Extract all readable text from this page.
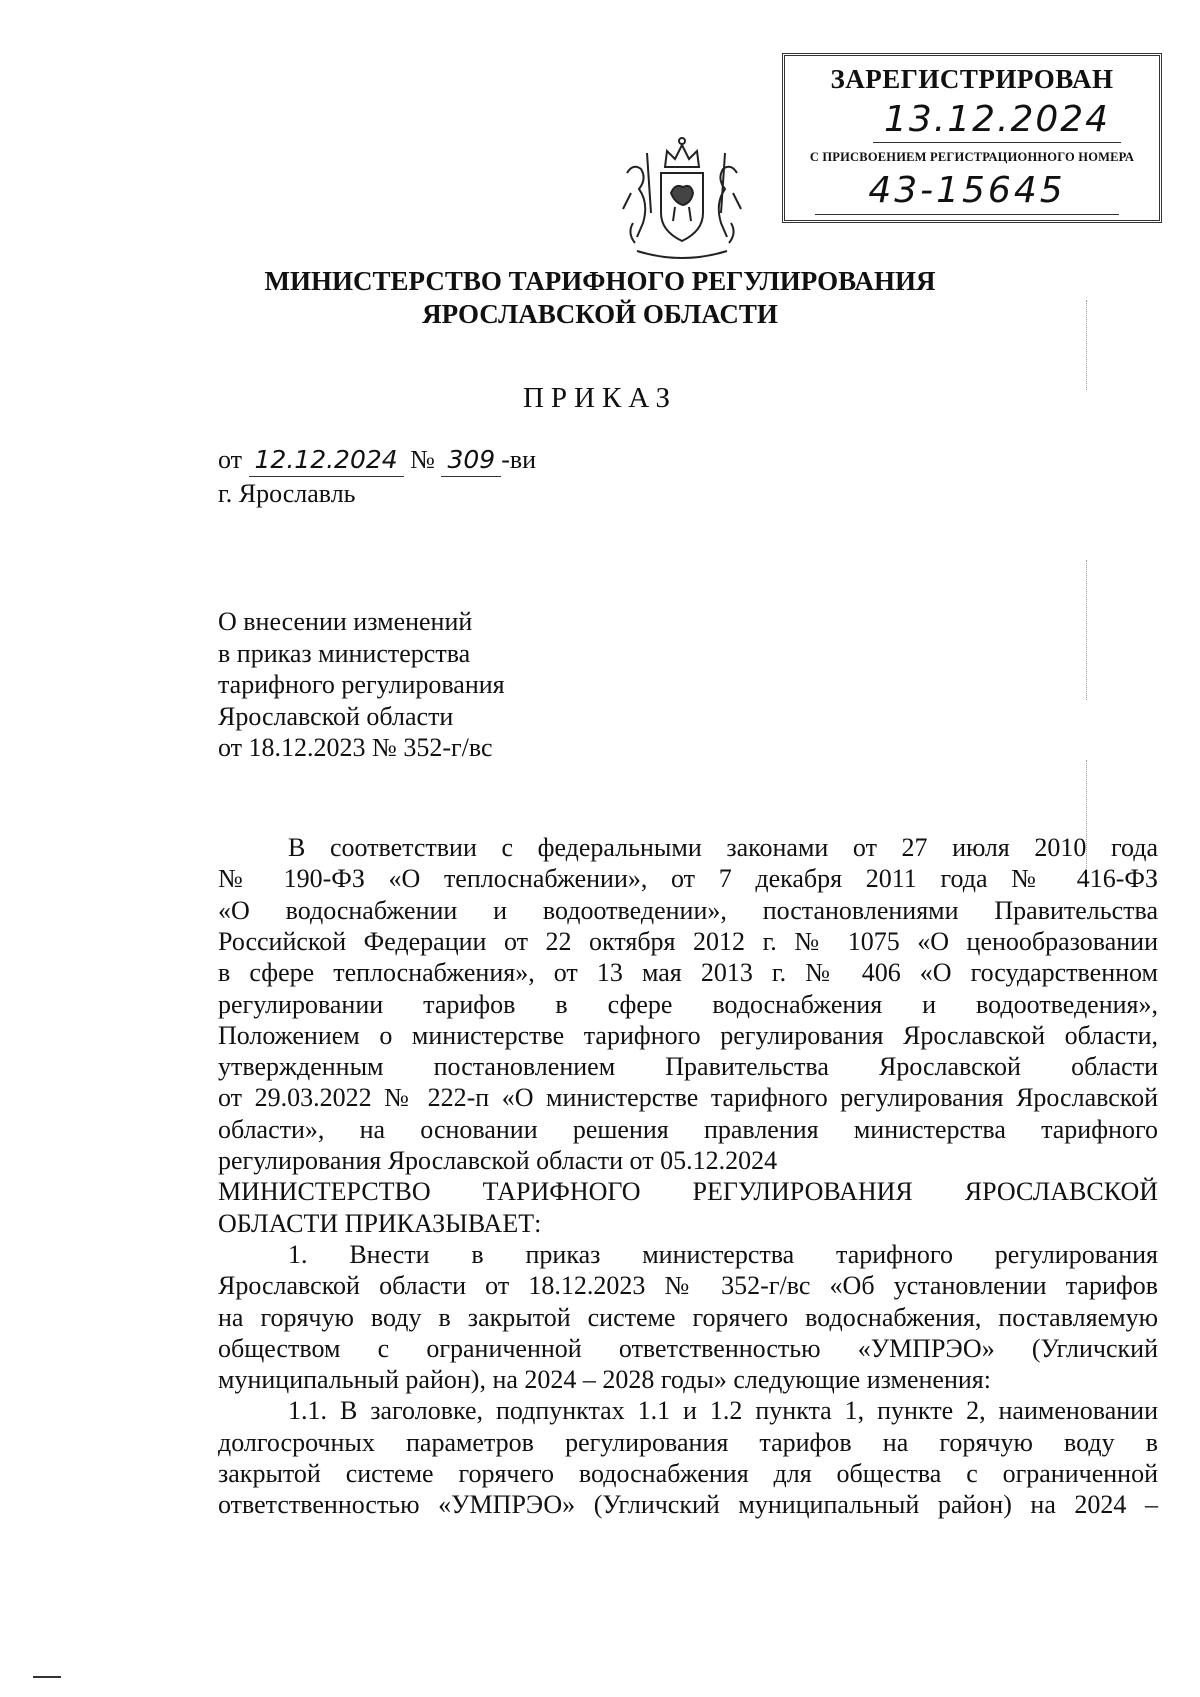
ЗАРЕГИСТРИРОВАН
13.12.2024
С ПРИСВОЕНИЕМ РЕГИСТРАЦИОННОГО НОМЕРА
43-15645
МИНИСТЕРСТВО ТАРИФНОГО РЕГУЛИРОВАНИЯ
ЯРОСЛАВСКОЙ ОБЛАСТИ
ПРИКАЗ
от 12.12.2024 № 309 -ви
г. Ярославль
О внесении изменений
в приказ министерства
тарифного регулирования
Ярославской области
от 18.12.2023 № 352-г/вс
В соответствии с федеральными законами от 27 июля 2010 года
№ 190-ФЗ «О теплоснабжении», от 7 декабря 2011 года № 416-ФЗ
«О водоснабжении и водоотведении», постановлениями Правительства
Российской Федерации от 22 октября 2012 г. № 1075 «О ценообразовании
в сфере теплоснабжения», от 13 мая 2013 г. № 406 «О государственном
регулировании тарифов в сфере водоснабжения и водоотведения»,
Положением о министерстве тарифного регулирования Ярославской области,
утвержденным постановлением Правительства Ярославской области
от 29.03.2022 № 222-п «О министерстве тарифного регулирования Ярославской
области», на основании решения правления министерства тарифного
регулирования Ярославской области от 05.12.2024
МИНИСТЕРСТВО ТАРИФНОГО РЕГУЛИРОВАНИЯ ЯРОСЛАВСКОЙ
ОБЛАСТИ ПРИКАЗЫВАЕТ:
1. Внести в приказ министерства тарифного регулирования
Ярославской области от 18.12.2023 № 352-г/вс «Об установлении тарифов
на горячую воду в закрытой системе горячего водоснабжения, поставляемую
обществом с ограниченной ответственностью «УМПРЭО» (Угличский
муниципальный район), на 2024 – 2028 годы» следующие изменения:
1.1. В заголовке, подпунктах 1.1 и 1.2 пункта 1, пункте 2, наименовании
долгосрочных параметров регулирования тарифов на горячую воду в
закрытой системе горячего водоснабжения для общества с ограниченной
ответственностью «УМПРЭО» (Угличский муниципальный район) на 2024 –
